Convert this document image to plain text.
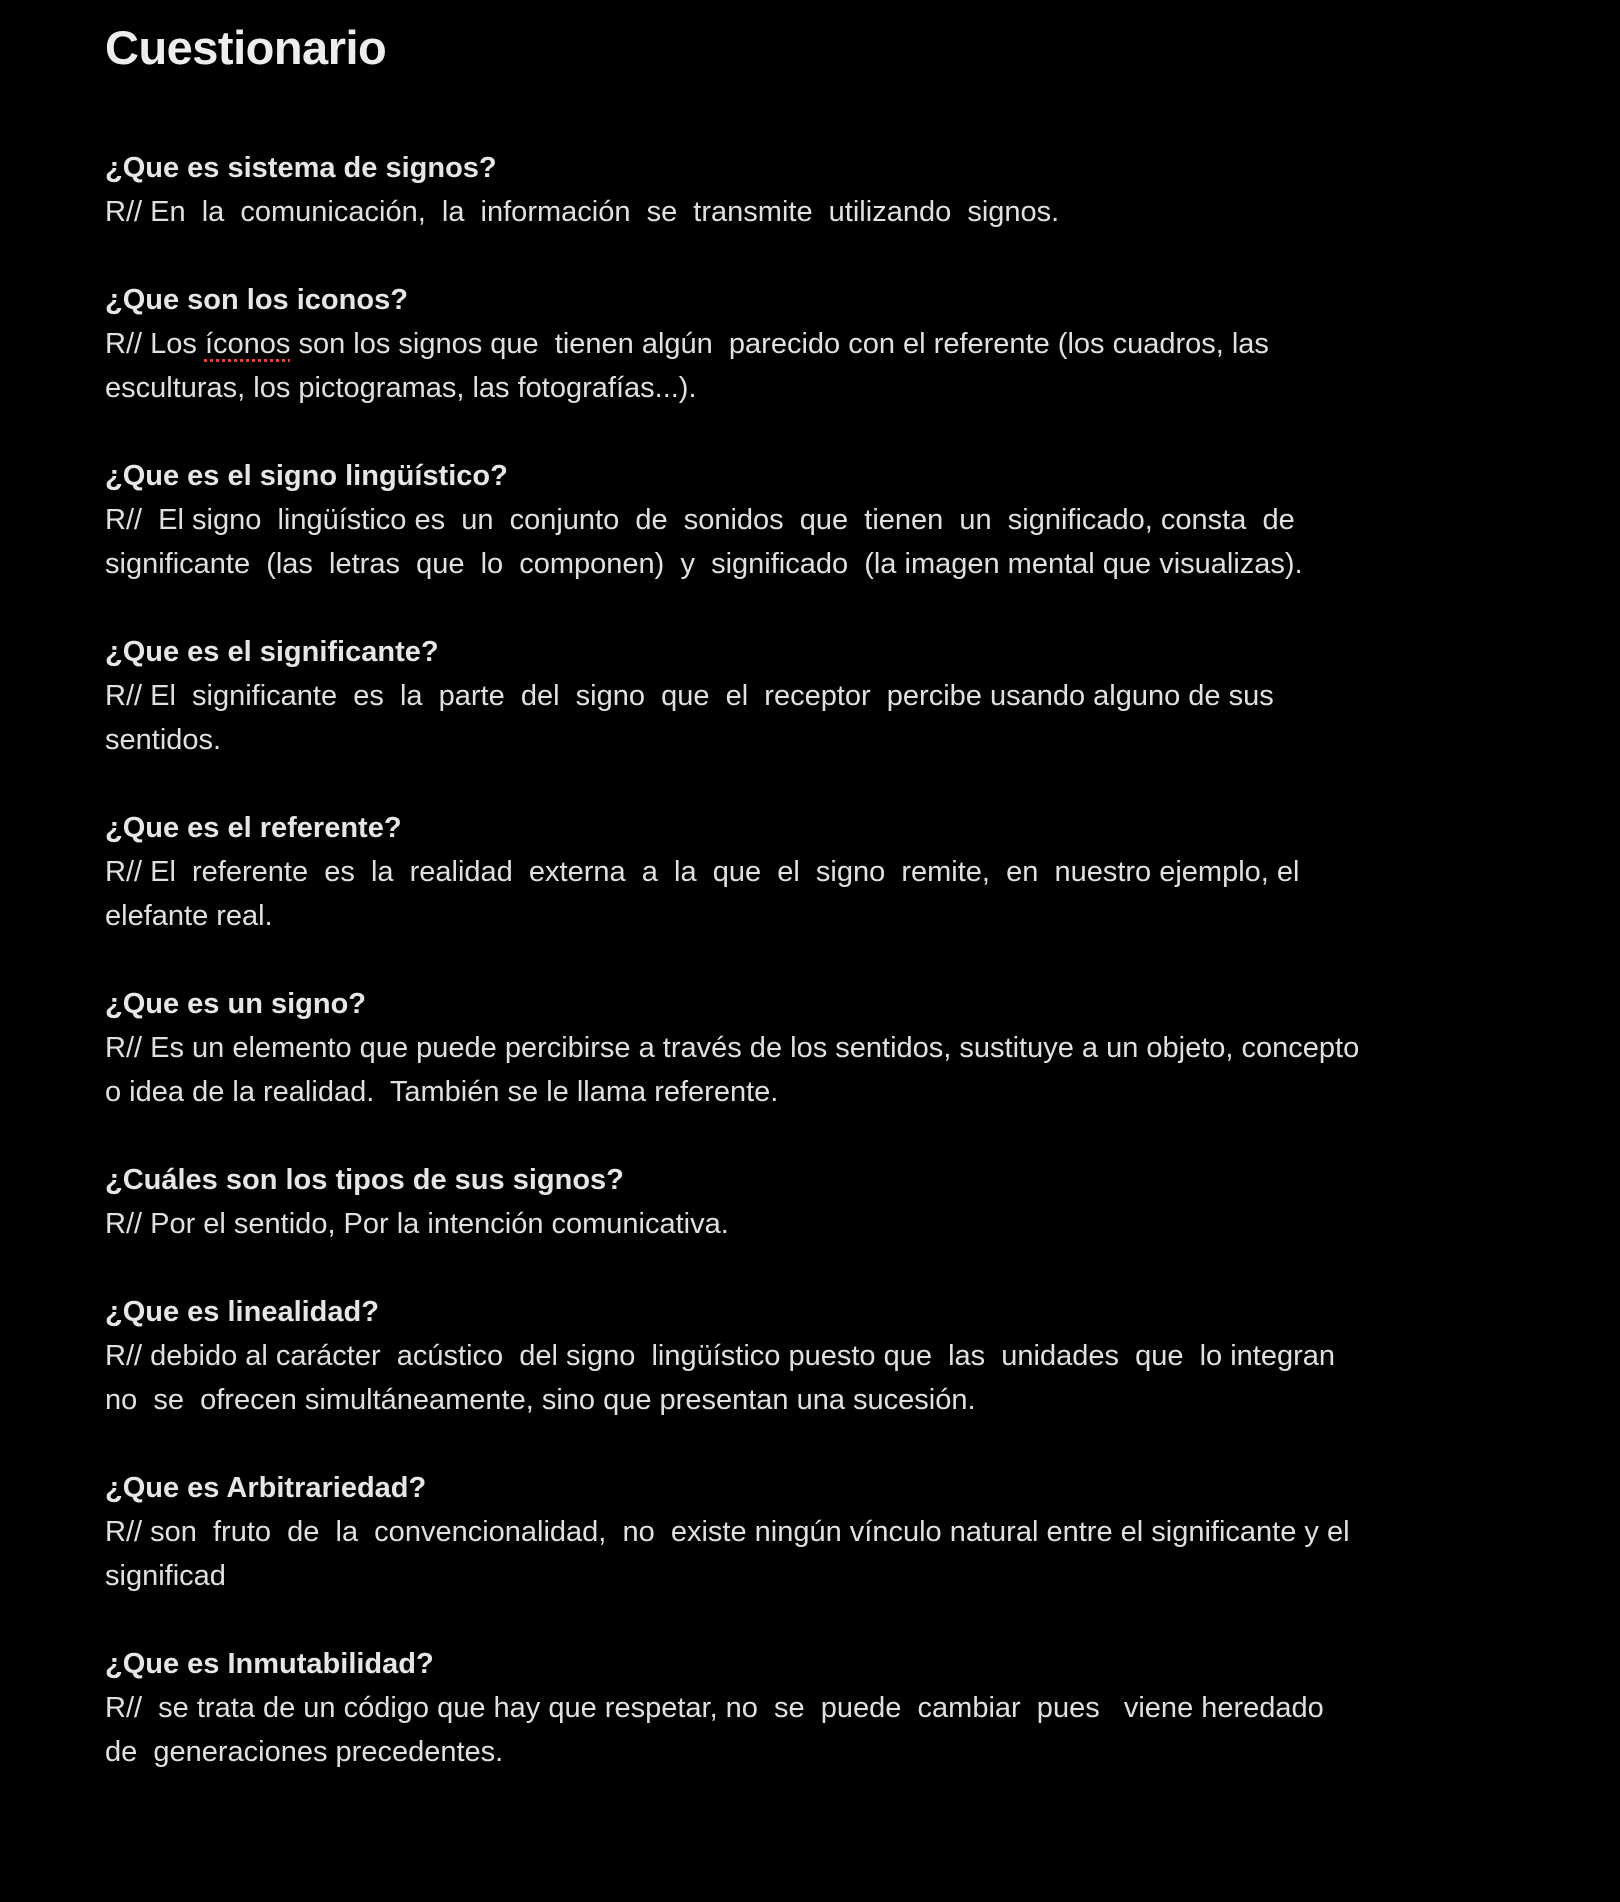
Cuestionario

¿Que es sistema de signos?

R// En  la  comunicación,  la  información  se  transmite  utilizando  signos.

¿Que son los iconos?

R// Los íconos son los signos que  tienen algún  parecido con el referente (los cuadros, las

esculturas, los pictogramas, las fotografías...).

¿Que es el signo lingüístico?

R//  El signo  lingüístico es  un  conjunto  de  sonidos  que  tienen  un  significado, consta  de

significante  (las  letras  que  lo  componen)  y  significado  (la imagen mental que visualizas).

¿Que es el significante?

R// El  significante  es  la  parte  del  signo  que  el  receptor  percibe usando alguno de sus

sentidos.

¿Que es el referente?

R// El  referente  es  la  realidad  externa  a  la  que  el  signo  remite,  en  nuestro ejemplo, el

elefante real.

¿Que es un signo?

R// Es un elemento que puede percibirse a través de los sentidos, sustituye a un objeto, concepto

o idea de la realidad.  También se le llama referente.

¿Cuáles son los tipos de sus signos?

R// Por el sentido, Por la intención comunicativa.

¿Que es linealidad?

R// debido al carácter  acústico  del signo  lingüístico puesto que  las  unidades  que  lo integran

no  se  ofrecen simultáneamente, sino que presentan una sucesión.

¿Que es Arbitrariedad?

R// son  fruto  de  la  convencionalidad,  no  existe ningún vínculo natural entre el significante y el

significad

¿Que es Inmutabilidad?

R//  se trata de un código que hay que respetar, no  se  puede  cambiar  pues   viene heredado

de  generaciones precedentes.
